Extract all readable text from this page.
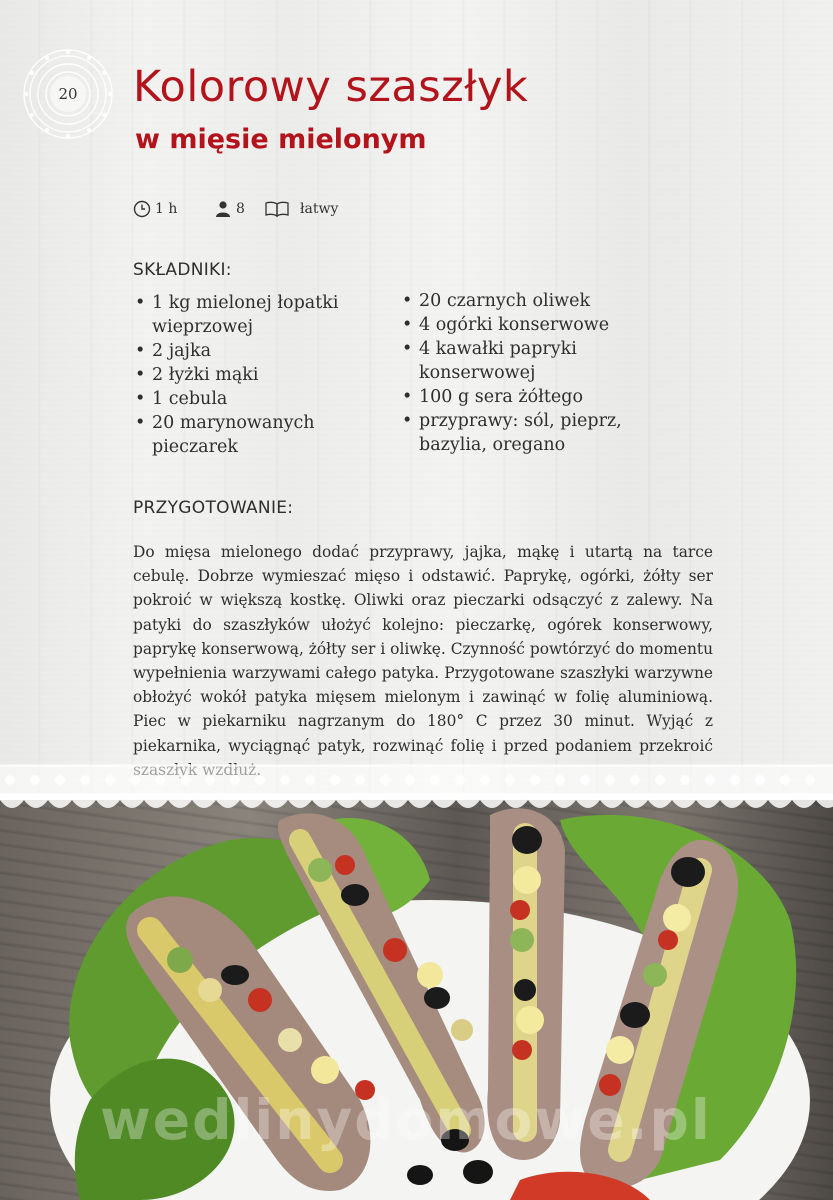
20	Kolorowy szaszłyk
w mięsie mielonym
1 h	8	łatwy
SKŁADNIKI:
• 1 kg mielonej łopatki wieprzowej
• 2 jajka
• 2 łyżki mąki
• 1 cebula
• 20 marynowanych pieczarek
• 20 czarnych oliwek
• 4 ogórki konserwowe
• 4 kawałki papryki konserwowej
• 100 g sera żółtego
• przyprawy: sól, pieprz, bazylia, oregano
PRZYGOTOWANIE:

Do mięsa mielonego dodać przyprawy, jajka, mąkę i utartą na tarce cebulę. Dobrze wymieszać mięso i odstawić. Paprykę, ogórki, żółty ser pokroić w większą kostkę. Oliwki oraz pieczarki odsączyć z zalewy. Na patyki do szaszłyków ułożyć kolejno: pieczarkę, ogórek konserwowy, paprykę konserwową, żółty ser i oliwkę. Czynność powtórzyć do momentu wypełnienia warzywami całego patyka. Przygotowane szaszłyki warzywne obłożyć wokół patyka mięsem mielonym i zawinąć w folię aluminiową. Piec w piekarniku nagrzanym do 180° C przez 30 minut. Wyjąć z piekarnika, wyciągnąć patyk, rozwinąć folię i przed podaniem przekroić

wedlinydomowe.pl
